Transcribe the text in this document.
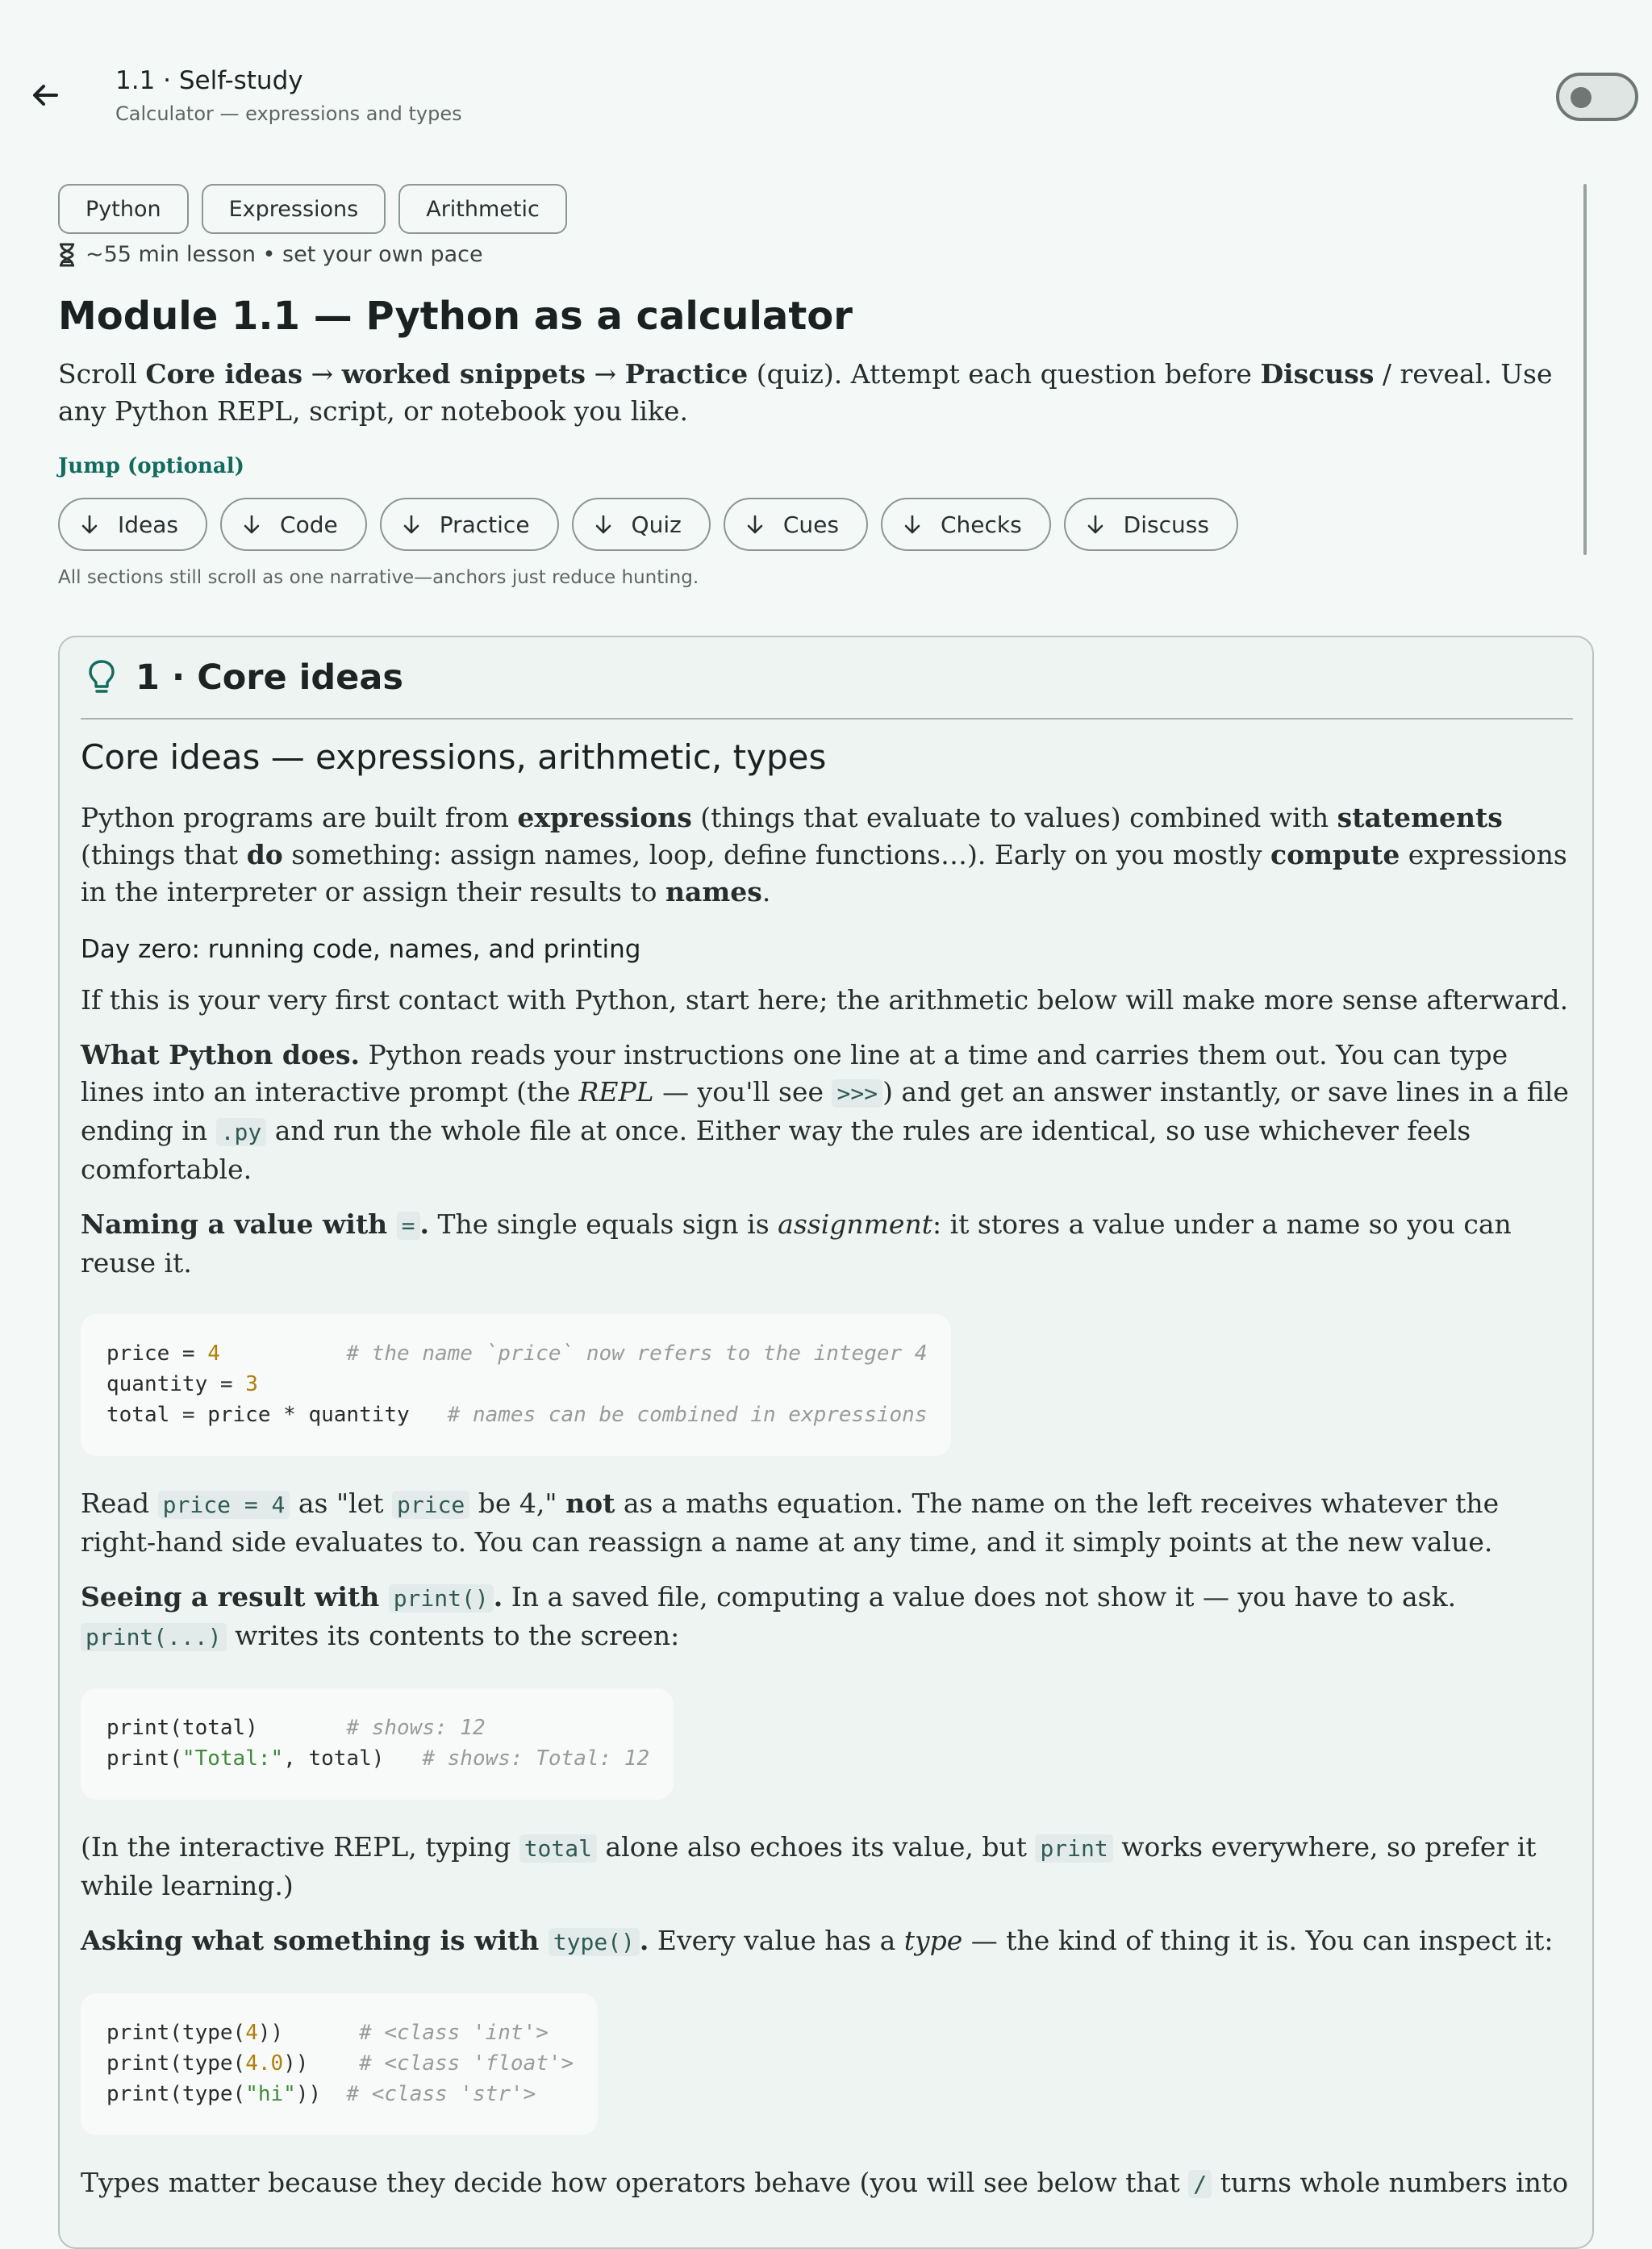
1.1 · Self-study
Calculator — expressions and types
Python	Expressions	Arithmetic
~55 min lesson • set your own pace
Module 1.1 — Python as a calculator

Scroll Core ideas → worked snippets → Practice (quiz). Attempt each question before Discuss / reveal. Use any Python REPL, script, or notebook you like.

Jump (optional)
Ideas	Code	Practice	Quiz	Cues	Checks	Discuss
All sections still scroll as one narrative—anchors just reduce hunting.
1 · Core ideas
Core ideas — expressions, arithmetic, types

Python programs are built from expressions (things that evaluate to values) combined with statements (things that do something: assign names, loop, define functions…). Early on you mostly compute expressions in the interpreter or assign their results to names.

Day zero: running code, names, and printing

If this is your very first contact with Python, start here; the arithmetic below will make more sense afterward.

What Python does. Python reads your instructions one line at a time and carries them out. You can type lines into an interactive prompt (the REPL — you'll see >>> ) and get an answer instantly, or save lines in a file ending in .py and run the whole file at once. Either way the rules are identical, so use whichever feels comfortable.

Naming a value with = . The single equals sign is assignment: it stores a value under a name so you can reuse it.

price = 4          # the name `price` now refers to the integer 4
quantity = 3
total = price * quantity   # names can be combined in expressions

Read price = 4 as "let price be 4," not as a maths equation. The name on the left receives whatever the right-hand side evaluates to. You can reassign a name at any time, and it simply points at the new value.

Seeing a result with print() . In a saved file, computing a value does not show it — you have to ask. print(...) writes its contents to the screen:

print(total)       # shows: 12
print("Total:", total)   # shows: Total: 12

(In the interactive REPL, typing total alone also echoes its value, but print works everywhere, so prefer it while learning.)

Asking what something is with type() . Every value has a type — the kind of thing it is. You can inspect it:

print(type(4))      # <class 'int'>
print(type(4.0))    # <class 'float'>
print(type("hi"))  # <class 'str'>

Types matter because they decide how operators behave (you will see below that / turns whole numbers into
